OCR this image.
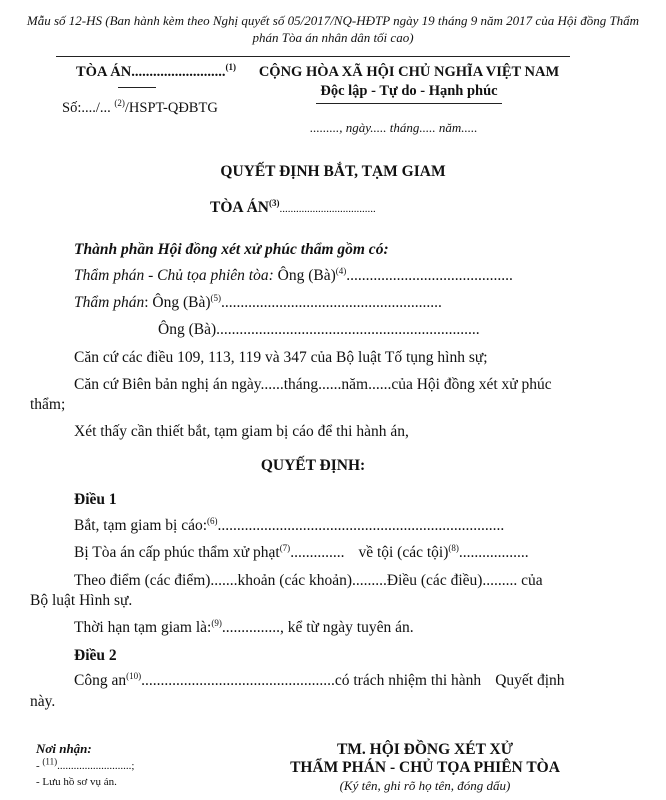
Mẫu số 12-HS (Ban hành kèm theo Nghị quyết số 05/2017/NQ-HĐTP ngày 19 tháng 9 năm 2017 của Hội đồng Thẩm phán Tòa án nhân dân tối cao)
TÒA ÁN..........................$^{(1)}$
Số:..../... $^{(2)}$/HSPT-QĐBTG
CỘNG HÒA XÃ HỘI CHỦ NGHĨA VIỆT NAM
Độc lập - Tự do - Hạnh phúc
........., ngày..... tháng..... năm.....
QUYẾT ĐỊNH BẮT, TẠM GIAM
TÒA ÁN$^{(3)}$...................................
Thành phần Hội đồng xét xử phúc thẩm gồm có:
Thẩm phán - Chủ tọa phiên tòa: Ông (Bà)$^{(4)}$...........................................
Thẩm phán: Ông (Bà)$^{(5)}$.........................................................
Ông (Bà)....................................................................
Căn cứ các điều 109, 113, 119 và 347 của Bộ luật Tố tụng hình sự;
Căn cứ Biên bản nghị án ngày......tháng......năm......của Hội đồng xét xử phúc
thẩm;
Xét thấy cần thiết bắt, tạm giam bị cáo để thi hành án,
QUYẾT ĐỊNH:
Điều 1
Bắt, tạm giam bị cáo:$^{(6)}$..........................................................................
Bị Tòa án cấp phúc thẩm xử phạt$^{(7)}$.............. về tội (các tội)$^{(8)}$..................
Theo điểm (các điểm).......khoản (các khoản).........Điều (các điều)......... của
Bộ luật Hình sự.
Thời hạn tạm giam là:$^{(9)}$..............., kể từ ngày tuyên án.
Điều 2
Công $an^{(10)}..................................................có$ trách nhiệm thi hành Quyết định
này.
Nơi nhận:
- $^{(11)}$...........................;
- Lưu hồ sơ vụ án.
TM. HỘI ĐỒNG XÉT XỬ
THẨM PHÁN - CHỦ TỌA PHIÊN TÒA
(Ký tên, ghi rõ họ tên, đóng dấu)
